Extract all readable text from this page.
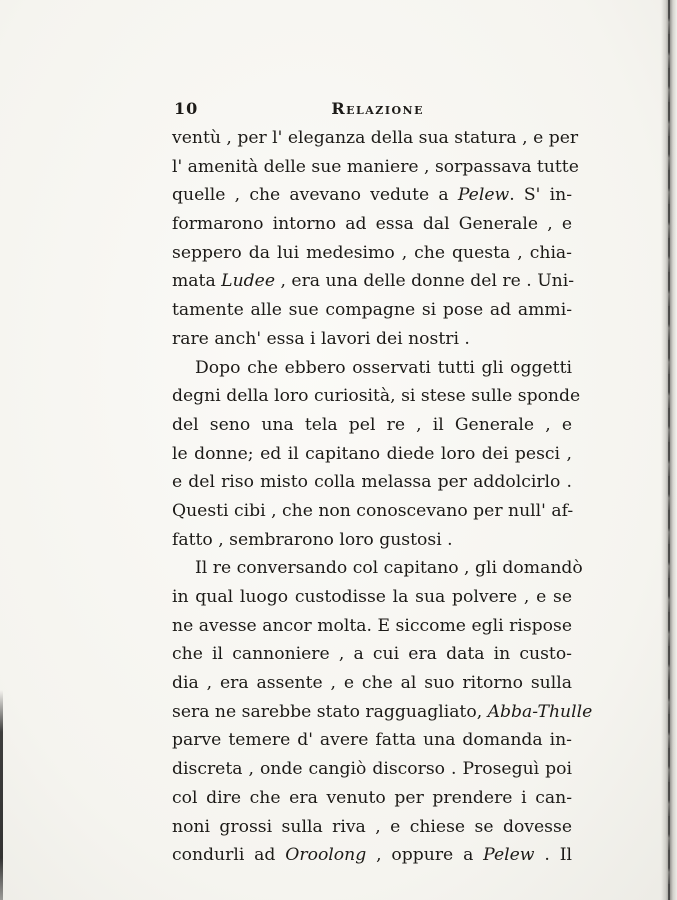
10	Relazione
ventù , per l' eleganza della sua statura , e per
l' amenità delle sue maniere , sorpassava tutte
quelle , che avevano vedute a Pelew. S' in-
formarono intorno ad essa dal Generale , e
seppero da lui medesimo , che questa , chia-
mata Ludee , era una delle donne del re . Uni-
tamente alle sue compagne si pose ad ammi-
rare anch' essa i lavori dei nostri .
Dopo che ebbero osservati tutti gli oggetti
degni della loro curiosità, si stese sulle sponde
del seno una tela pel re , il Generale , e
le donne; ed il capitano diede loro dei pesci ,
e del riso misto colla melassa per addolcirlo .
Questi cibi , che non conoscevano per null' af-
fatto , sembrarono loro gustosi .
Il re conversando col capitano , gli domandò
in qual luogo custodisse la sua polvere , e se
ne avesse ancor molta. E siccome egli rispose
che il cannoniere , a cui era data in custo-
dia , era assente , e che al suo ritorno sulla
sera ne sarebbe stato ragguagliato, Abba-Thulle
parve temere d' avere fatta una domanda in-
discreta , onde cangiò discorso . Proseguì poi
col dire che era venuto per prendere i can-
noni grossi sulla riva , e chiese se dovesse
condurli ad Oroolong , oppure a Pelew . Il
